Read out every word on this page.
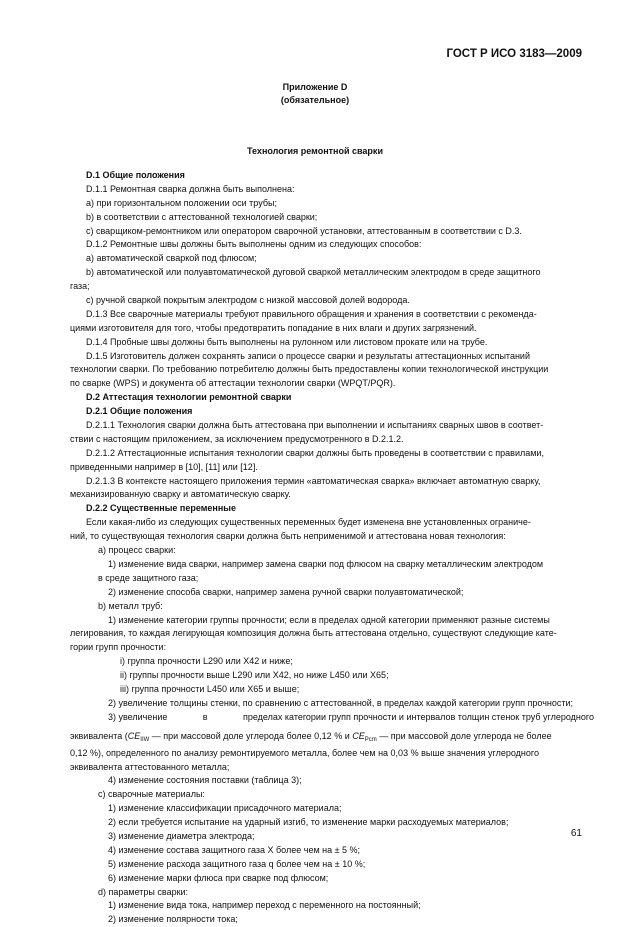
ГОСТ Р ИСО 3183—2009
Приложение D
(обязательное)
Технология ремонтной сварки
D.1 Общие положения
D.1.1 Ремонтная сварка должна быть выполнена:
a) при горизонтальном положении оси трубы;
b) в соответствии с аттестованной технологией сварки;
c) сварщиком-ремонтником или оператором сварочной установки, аттестованным в соответствии с D.3.
D.1.2 Ремонтные швы должны быть выполнены одним из следующих способов:
a) автоматической сваркой под флюсом;
b) автоматической или полуавтоматической дуговой сваркой металлическим электродом в среде защитного
газа;
c) ручной сваркой покрытым электродом с низкой массовой долей водорода.
D.1.3 Все сварочные материалы требуют правильного обращения и хранения в соответствии с рекоменда-
циями изготовителя для того, чтобы предотвратить попадание в них влаги и других загрязнений.
D.1.4 Пробные швы должны быть выполнены на рулонном или листовом прокате или на трубе.
D.1.5 Изготовитель должен сохранять записи о процессе сварки и результаты аттестационных испытаний
технологии сварки. По требованию потребителю должны быть предоставлены копии технологической инструкции
по сварке (WPS) и документа об аттестации технологии сварки (WPQT/PQR).
D.2 Аттестация технологии ремонтной сварки
D.2.1 Общие положения
D.2.1.1 Технология сварки должна быть аттестована при выполнении и испытаниях сварных швов в соответ-
ствии с настоящим приложением, за исключением предусмотренного в D.2.1.2.
D.2.1.2 Аттестационные испытания технологии сварки должны быть проведены в соответствии с правилами,
приведенными например в [10], [11] или [12].
D.2.1.3 В контексте настоящего приложения термин «автоматическая сварка» включает автоматную сварку,
механизированную сварку и автоматическую сварку.
D.2.2 Существенные переменные
Если какая-либо из следующих существенных переменных будет изменена вне установленных ограниче-
ний, то существующая технология сварки должна быть неприменимой и аттестована новая технология:
a) процесс сварки:
1) изменение вида сварки, например замена сварки под флюсом на сварку металлическим электродом
в среде защитного газа;
2) изменение способа сварки, например замена ручной сварки полуавтоматической;
b) металл труб:
1) изменение категории группы прочности; если в пределах одной категории применяют разные системы
легирования, то каждая легирующая композиция должна быть аттестована отдельно, существуют следующие кате-
гории групп прочности:
i) группа прочности L290 или X42 и ниже;
ii) группы прочности выше L290 или X42, но ниже L450 или X65;
iii) группа прочности L450 или X65 и выше;
2) увеличение толщины стенки, по сравнению с аттестованной, в пределах каждой категории групп прочности;
3) увеличение	в	пределах категории групп прочности и интервалов толщин стенок труб углеродного
эквивалента ($CE_{IIW}$ — при массовой доле углерода более 0,12 % и $CE_{Pcm}$ — при массовой доле углерода не более
0,12 %), определенного по анализу ремонтируемого металла, более чем на 0,03 % выше значения углеродного
эквивалента аттестованного металла;
4) изменение состояния поставки (таблица 3);
c) сварочные материалы:
1) изменение классификации присадочного материала;
2) если требуется испытание на ударный изгиб, то изменение марки расходуемых материалов;
3) изменение диаметра электрода;
4) изменение состава защитного газа X более чем на ± 5 %;
5) изменение расхода защитного газа q более чем на ± 10 %;
6) изменение марки флюса при сварке под флюсом;
d) параметры сварки:
1) изменение вида тока, например переход с переменного на постоянный;
2) изменение полярности тока;
61
